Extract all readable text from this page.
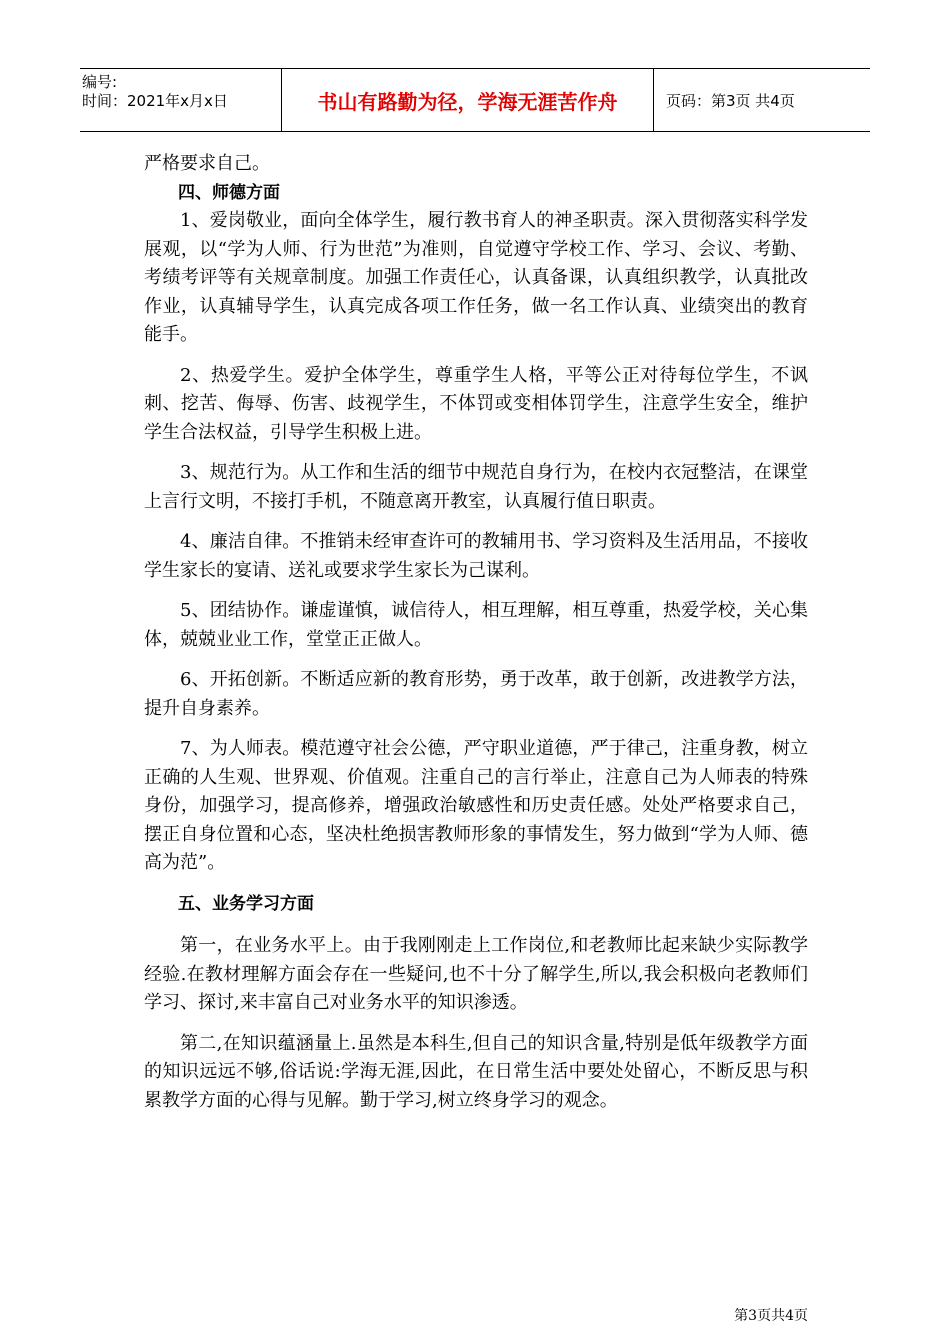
编号:
时间：2021年x月x日	书山有路勤为径，学海无涯苦作舟	页码：第3页 共4页

严格要求自己。

四、师德方面

1、爱岗敬业，面向全体学生，履行教书育人的神圣职责。深入贯彻落实科学发展观，以“学为人师、行为世范”为准则，自觉遵守学校工作、学习、会议、考勤、考绩考评等有关规章制度。加强工作责任心，认真备课，认真组织教学，认真批改作业，认真辅导学生，认真完成各项工作任务，做一名工作认真、业绩突出的教育能手。

2、热爱学生。爱护全体学生，尊重学生人格，平等公正对待每位学生，不讽刺、挖苦、侮辱、伤害、歧视学生，不体罚或变相体罚学生，注意学生安全，维护学生合法权益，引导学生积极上进。

3、规范行为。从工作和生活的细节中规范自身行为，在校内衣冠整洁，在课堂上言行文明，不接打手机，不随意离开教室，认真履行值日职责。

4、廉洁自律。不推销未经审查许可的教辅用书、学习资料及生活用品，不接收学生家长的宴请、送礼或要求学生家长为己谋利。

5、团结协作。谦虚谨慎，诚信待人，相互理解，相互尊重，热爱学校，关心集体，兢兢业业工作，堂堂正正做人。

6、开拓创新。不断适应新的教育形势，勇于改革，敢于创新，改进教学方法，提升自身素养。

7、为人师表。模范遵守社会公德，严守职业道德，严于律己，注重身教，树立正确的人生观、世界观、价值观。注重自己的言行举止，注意自己为人师表的特殊身份，加强学习，提高修养，增强政治敏感性和历史责任感。处处严格要求自己，摆正自身位置和心态，坚决杜绝损害教师形象的事情发生，努力做到“学为人师、德高为范”。

五、业务学习方面

第一，在业务水平上。由于我刚刚走上工作岗位,和老教师比起来缺少实际教学经验.在教材理解方面会存在一些疑问,也不十分了解学生,所以,我会积极向老教师们学习、探讨,来丰富自己对业务水平的知识渗透。

第二,在知识蕴涵量上.虽然是本科生,但自己的知识含量,特别是低年级教学方面的知识远远不够,俗话说:学海无涯,因此，在日常生活中要处处留心，不断反思与积累教学方面的心得与见解。勤于学习,树立终身学习的观念。

第3页共4页
